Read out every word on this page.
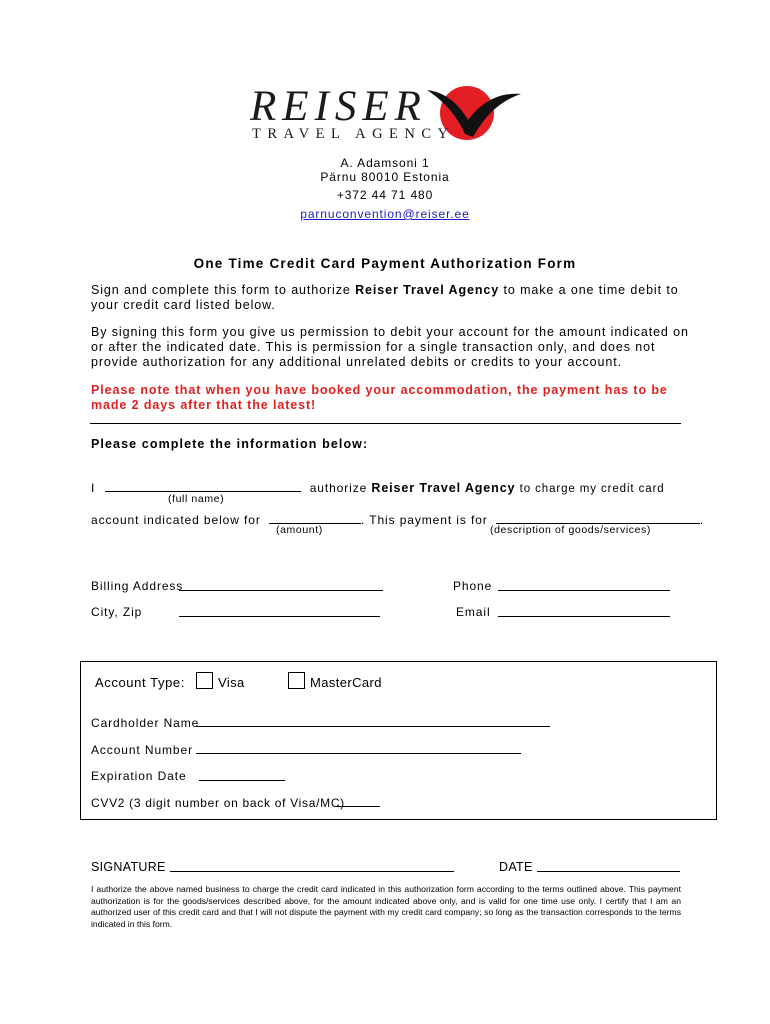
REISER
TRAVEL AGENCY
A. Adamsoni 1
Pärnu 80010 Estonia
+372 44 71 480
parnuconvention@reiser.ee
One Time Credit Card Payment Authorization Form
Sign and complete this form to authorize Reiser Travel Agency to make a one time debit to your credit card listed below.
By signing this form you give us permission to debit your account for the amount indicated on or after the indicated date. This is permission for a single transaction only, and does not provide authorization for any additional unrelated debits or credits to your account.
Please note that when you have booked your accommodation, the payment has to be made 2 days after that the latest!
Please complete the information below:
I	authorize Reiser Travel Agency to charge my credit card
(full name)
account indicated below for	. This payment is for	.
(amount)	(description of goods/services)
Billing Address	Phone
City, Zip	Email
Account Type:	Visa	MasterCard
Cardholder Name
Account Number
Expiration Date
CVV2 (3 digit number on back of Visa/MC)
SIGNATURE	DATE
I authorize the above named business to charge the credit card indicated in this authorization form according to the terms outlined above. This payment authorization is for the goods/services described above, for the amount indicated above only, and is valid for one time use only. I certify that I am an authorized user of this credit card and that I will not dispute the payment with my credit card company; so long as the transaction corresponds to the terms indicated in this form.
